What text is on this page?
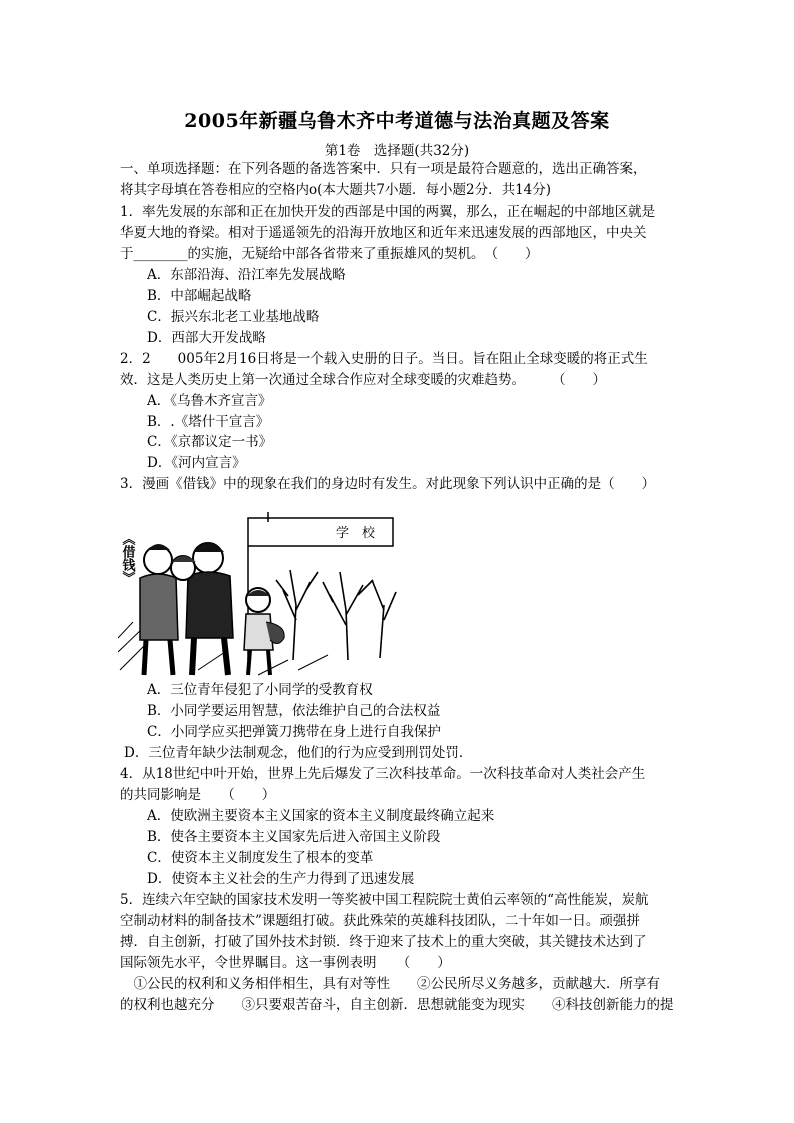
2005年新疆乌鲁木齐中考道德与法治真题及答案
第1卷　选择题(共32分)
一、单项选择题：在下列各题的备选答案中．只有一项是最符合题意的，选出正确答案，
将其字母填在答卷相应的空格内o(本大题共7小题．每小题2分．共14分)
1．率先发展的东部和正在加快开发的西部是中国的两翼，那么，正在崛起的中部地区就是
华夏大地的脊梁。相对于遥遥领先的沿海开放地区和近年来迅速发展的西部地区，中央关
于________的实施，无疑给中部各省带来了重振雄风的契机。　（　　）
A．东部沿海、沿江率先发展战略
B．中部崛起战略
C．振兴东北老工业基地战略
D．西部大开发战略
2．2　　005年2月16日将是一个载入史册的日子。当日。旨在阻止全球变暖的将正式生
效．这是人类历史上第一次通过全球合作应对全球变暖的灾难趋势。　　　（　　）
A．《乌鲁木齐宣言》
B．.《塔什干宣言》
C．《京都议定一书》
D．《河内宣言》
3．漫画《借钱》中的现象在我们的身边时有发生。对此现象下列认识中正确的是（　　）
《借钱》	学　校
A．三位青年侵犯了小同学的受教育权
B．小同学要运用智慧，依法维护自己的合法权益
C．小同学应买把弹簧刀携带在身上进行自我保护
D．三位青年缺少法制观念，他们的行为应受到刑罚处罚．
4．从18世纪中叶开始，世界上先后爆发了三次科技革命。一次科技革命对人类社会产生
的共同影响是　　（　　）
A．使欧洲主要资本主义国家的资本主义制度最终确立起来
B．使各主要资本主义国家先后进入帝国主义阶段
C．使资本主义制度发生了根本的变革
D．使资本主义社会的生产力得到了迅速发展
5．连续六年空缺的国家技术发明一等奖被中国工程院院士黄伯云率领的“高性能炭，炭航
空制动材料的制备技术”课题组打破。获此殊荣的英雄科技团队，二十年如一日。顽强拼
搏．自主创新，打破了国外技术封锁．终于迎来了技术上的重大突破，其关键技术达到了
国际领先水平，令世界瞩目。这一事例表明　　（　　）
　①公民的权利和义务相伴相生，具有对等性　　②公民所尽义务越多，贡献越大．所享有
的权利也越充分　　③只要艰苦奋斗，自主创新．思想就能变为现实　　④科技创新能力的提
